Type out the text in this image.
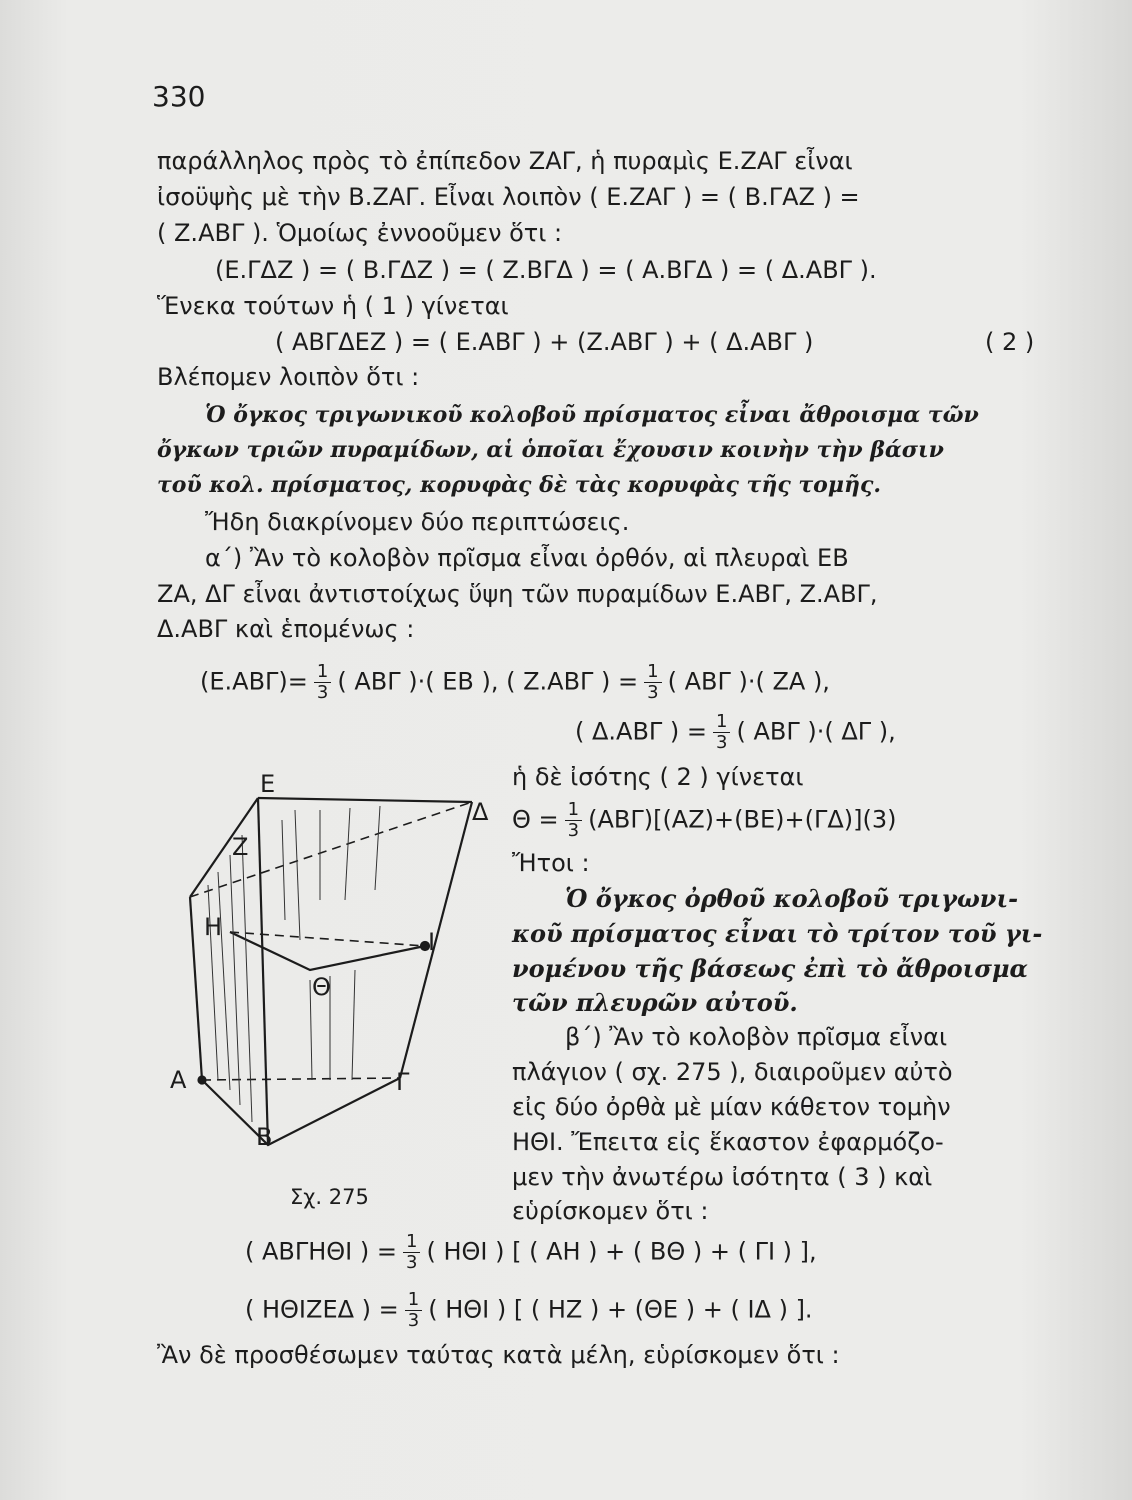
330
παράλληλος πρὸς τὸ ἐπίπεδον ΖΑΓ, ἡ πυραμὶς Ε.ΖΑΓ εἶναι
ἰσοϋψὴς μὲ τὴν Β.ΖΑΓ. Εἶναι λοιπὸν ( Ε.ΖΑΓ ) = ( Β.ΓΑΖ ) =
( Ζ.ΑΒΓ ). Ὁμοίως ἐννοοῦμεν ὅτι :
(Ε.ΓΔΖ ) = ( Β.ΓΔΖ ) = ( Ζ.ΒΓΔ ) = ( Α.ΒΓΔ ) = ( Δ.ΑΒΓ ).
Ἕνεκα τούτων ἡ ( 1 ) γίνεται
( ΑΒΓΔΕΖ ) = ( Ε.ΑΒΓ ) + (Ζ.ΑΒΓ ) + ( Δ.ΑΒΓ )	( 2 )
Βλέπομεν λοιπὸν ὅτι :
Ὁ ὄγκος τριγωνικοῦ κολοβοῦ πρίσματος εἶναι ἄθροισμα τῶν
ὄγκων τριῶν πυραμίδων, αἱ ὁποῖαι ἔχουσιν κοινὴν τὴν βάσιν
τοῦ κολ. πρίσματος, κορυφὰς δὲ τὰς κορυφὰς τῆς τομῆς.
Ἤδη διακρίνομεν δύο περιπτώσεις.
α΄) Ἂν τὸ κολοβὸν πρῖσμα εἶναι ὀρθόν, αἱ πλευραὶ ΕΒ
ΖΑ, ΔΓ εἶναι ἀντιστοίχως ὕψη τῶν πυραμίδων Ε.ΑΒΓ, Ζ.ΑΒΓ,
Δ.ΑΒΓ καὶ ἑπομένως :
$(E.AB\Gamma)= \frac{1}{3}$ ( ΑΒΓ )·( ΕΒ ), ( Ζ.ΑΒΓ ) = $\frac{1}{3}$ ( ΑΒΓ )·( ΖΑ ),
( Δ.ΑΒΓ ) = $\frac{1}{3}$ ( ΑΒΓ )·( ΔΓ ),
ἡ δὲ ἰσότης ( 2 ) γίνεται
$\Theta = \frac{1}{3} (AB\Gamma)[(AZ)+(BE)+(\Gamma\Delta)](3)$
Ἤτοι :
Ὁ ὄγκος ὀρθοῦ κολοβοῦ τριγωνι-
κοῦ πρίσματος εἶναι τὸ τρίτον τοῦ γι-
νομένου τῆς βάσεως ἐπὶ τὸ ἄθροισμα
τῶν πλευρῶν αὐτοῦ.
β΄) Ἂν τὸ κολοβὸν πρῖσμα εἶναι
πλάγιον ( σχ. 275 ), διαιροῦμεν αὐτὸ
εἰς δύο ὀρθὰ μὲ μίαν κάθετον τομὴν
ΗΘΙ. Ἔπειτα εἰς ἕκαστον ἐφαρμόζο-
μεν τὴν ἀνωτέρω ἰσότητα ( 3 ) καὶ
εὑρίσκομεν ὅτι :
Ε
Δ
Ζ
Η
Ι
Θ
Α	Γ
Β
Σχ. 275
( ΑΒΓΗΘΙ ) = $\frac{1}{3}$ ( ΗΘΙ ) [ ( ΑΗ ) + ( ΒΘ ) + ( ΓΙ ) ],
( ΗΘΙΖΕΔ ) = $\frac{1}{3}$ ( ΗΘΙ ) [ ( ΗΖ ) + (ΘΕ ) + ( ΙΔ ) ].
Ἂν δὲ προσθέσωμεν ταύτας κατὰ μέλη, εὑρίσκομεν ὅτι :
